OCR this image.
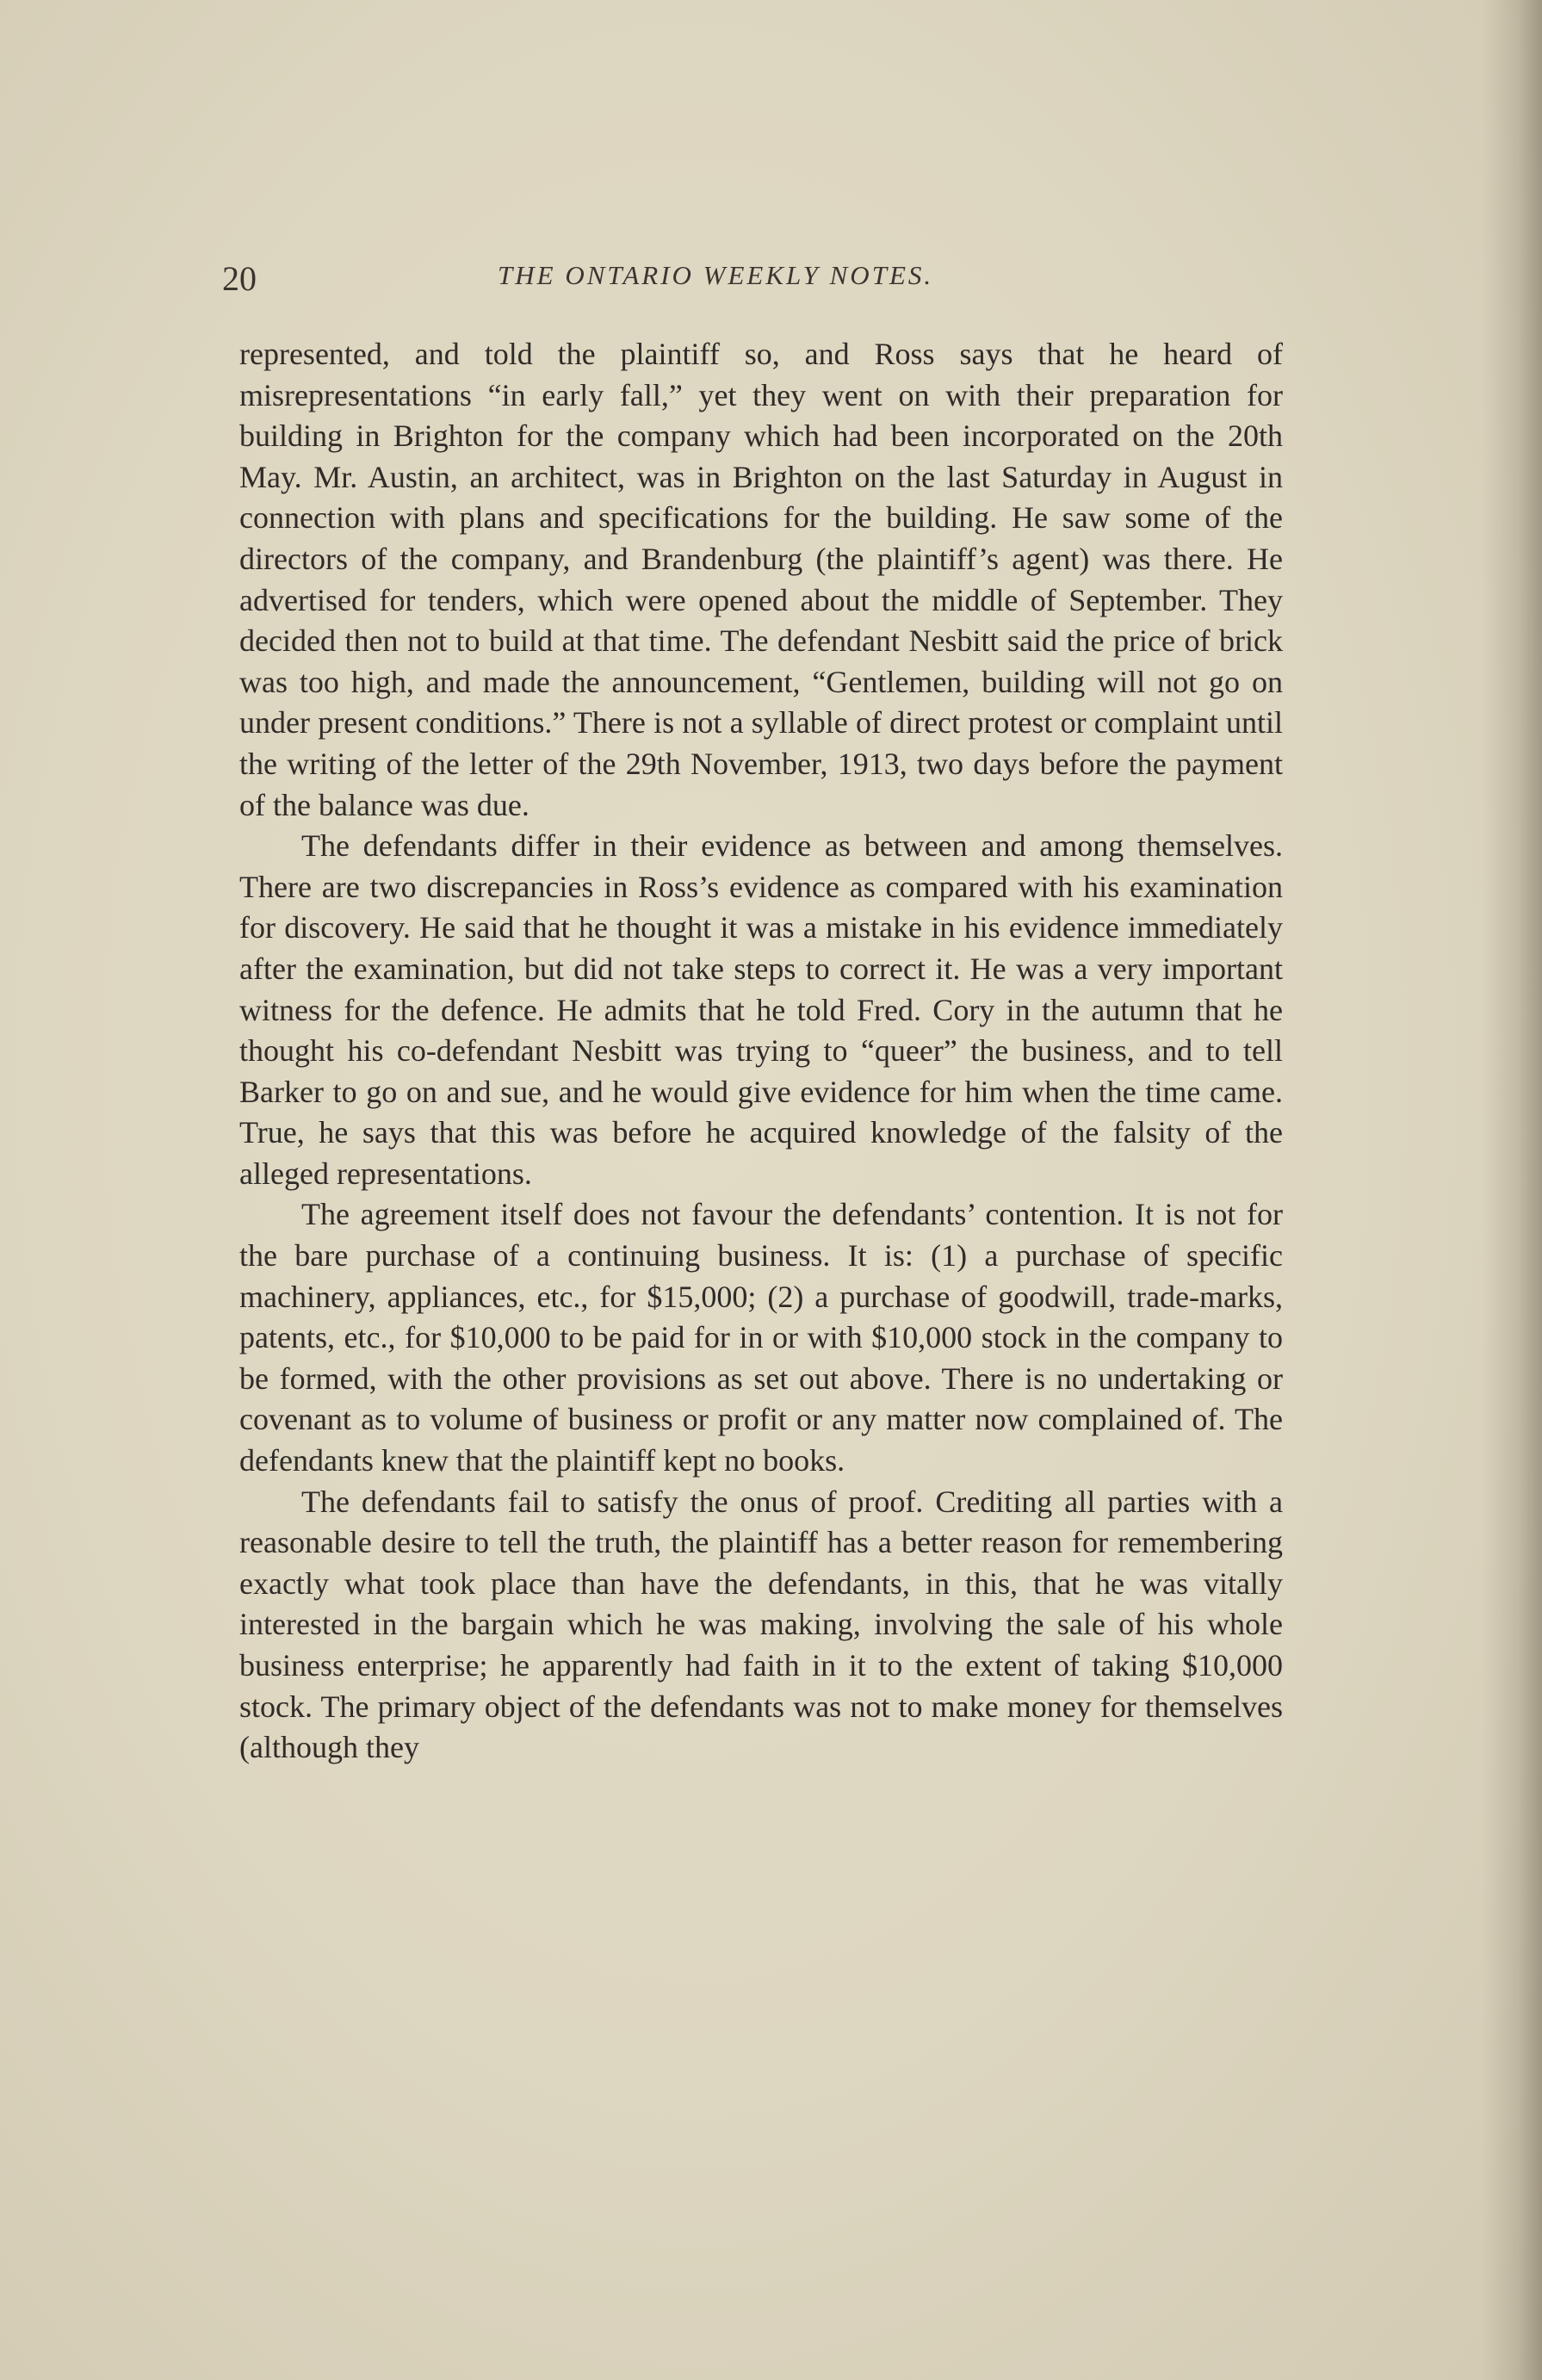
20	THE ONTARIO WEEKLY NOTES.

represented, and told the plaintiff so, and Ross says that he heard of misrepresentations “in early fall,” yet they went on with their preparation for building in Brighton for the company which had been incorporated on the 20th May. Mr. Austin, an architect, was in Brighton on the last Saturday in August in connection with plans and specifications for the building. He saw some of the directors of the company, and Brandenburg (the plaintiff’s agent) was there. He advertised for tenders, which were opened about the middle of September. They decided then not to build at that time. The defendant Nesbitt said the price of brick was too high, and made the announcement, “Gentlemen, building will not go on under present conditions.” There is not a syllable of direct protest or complaint until the writing of the letter of the 29th November, 1913, two days before the payment of the balance was due.

The defendants differ in their evidence as between and among themselves. There are two discrepancies in Ross’s evidence as compared with his examination for discovery. He said that he thought it was a mistake in his evidence immediately after the examination, but did not take steps to correct it. He was a very important witness for the defence. He admits that he told Fred. Cory in the autumn that he thought his co-defendant Nesbitt was trying to “queer” the business, and to tell Barker to go on and sue, and he would give evidence for him when the time came. True, he says that this was before he acquired knowledge of the falsity of the alleged representations.

The agreement itself does not favour the defendants’ contention. It is not for the bare purchase of a continuing business. It is: (1) a purchase of specific machinery, appliances, etc., for $15,000; (2) a purchase of goodwill, trade-marks, patents, etc., for $10,000 to be paid for in or with $10,000 stock in the company to be formed, with the other provisions as set out above. There is no undertaking or covenant as to volume of business or profit or any matter now complained of. The defendants knew that the plaintiff kept no books.

The defendants fail to satisfy the onus of proof. Crediting all parties with a reasonable desire to tell the truth, the plaintiff has a better reason for remembering exactly what took place than have the defendants, in this, that he was vitally interested in the bargain which he was making, involving the sale of his whole business enterprise; he apparently had faith in it to the extent of taking $10,000 stock. The primary object of the defendants was not to make money for themselves (although they
